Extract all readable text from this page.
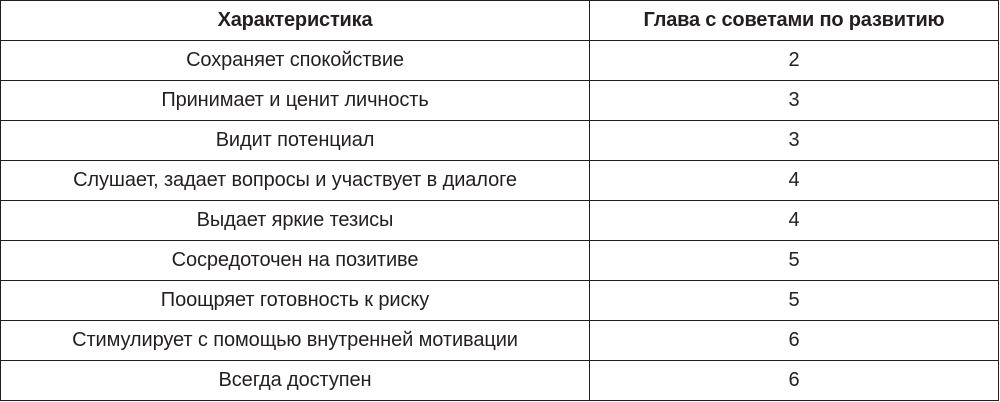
Характеристика	Глава с советами по развитию
Сохраняет спокойствие	2
Принимает и ценит личность	3
Видит потенциал	3
Слушает, задает вопросы и участвует в диалоге	4
Выдает яркие тезисы	4
Сосредоточен на позитиве	5
Поощряет готовность к риску	5
Стимулирует с помощью внутренней мотивации	6
Всегда доступен	6
